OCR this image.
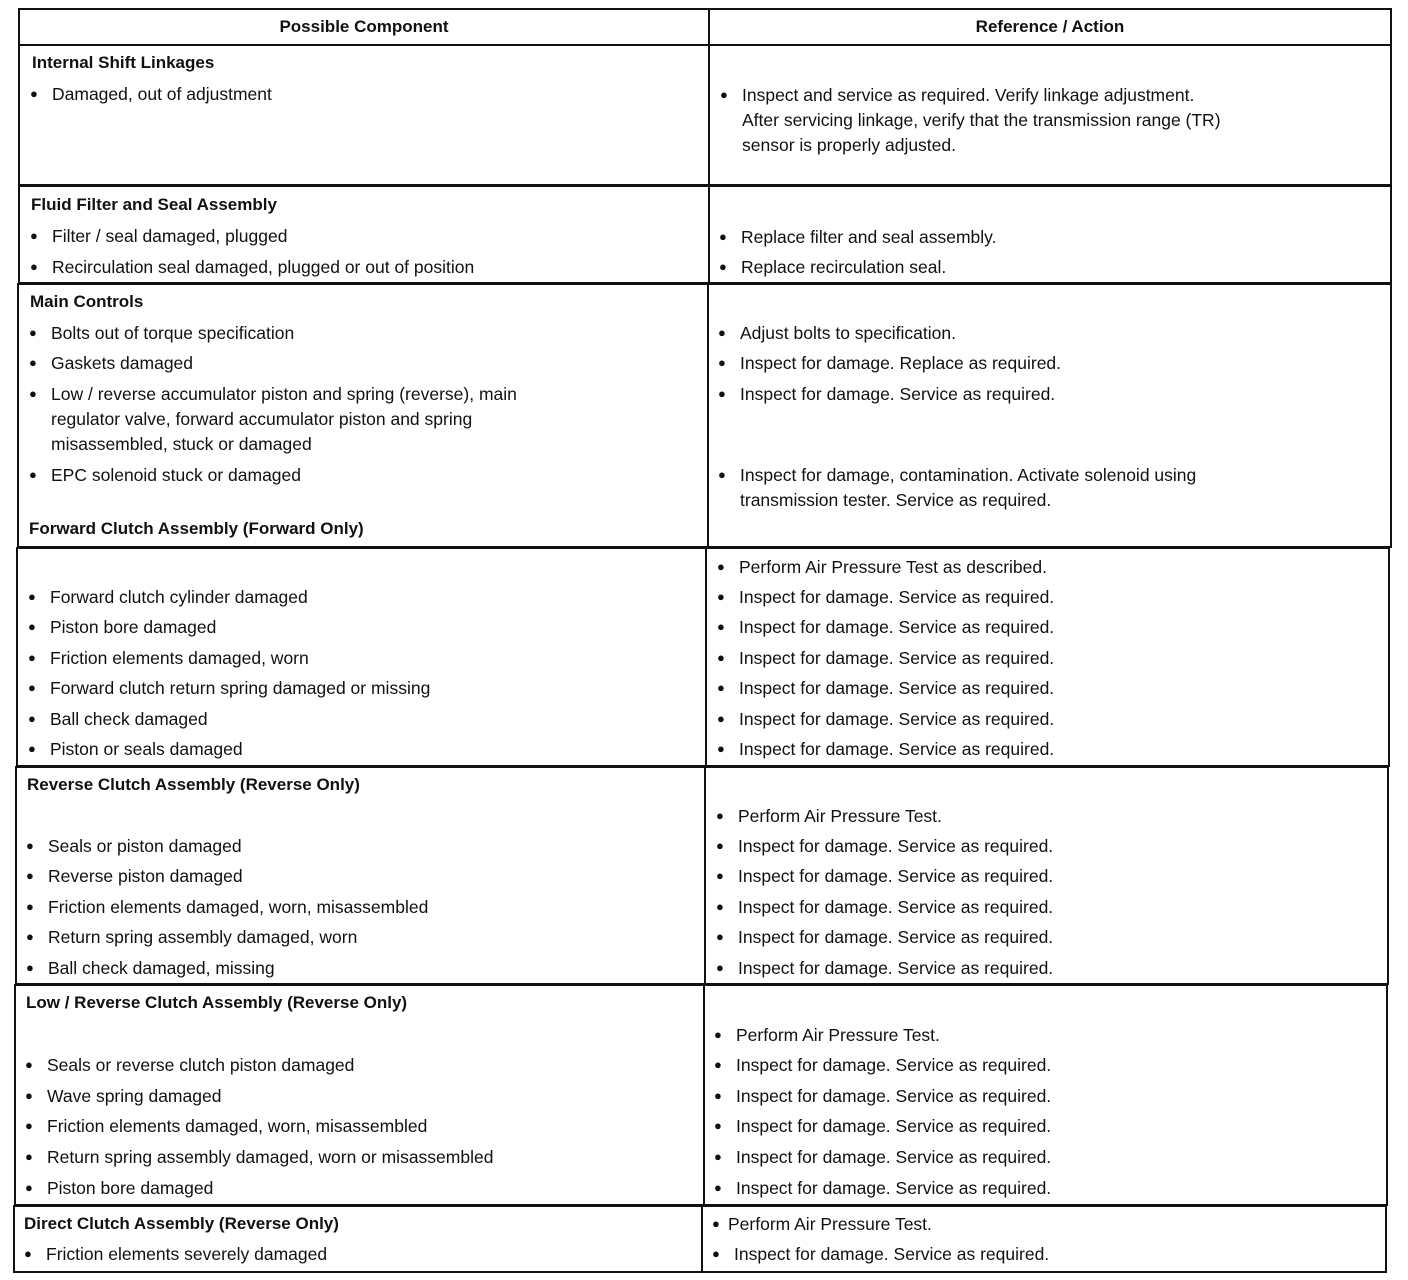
Possible Component	Reference / Action
Internal Shift Linkages
● Damaged, out of adjustment	● Inspect and service as required. Verify linkage adjustment.
After servicing linkage, verify that the transmission range (TR)
sensor is properly adjusted.
Fluid Filter and Seal Assembly
● Filter / seal damaged, plugged
● Recirculation seal damaged, plugged or out of position
● Replace filter and seal assembly.
● Replace recirculation seal.
Main Controls
● Bolts out of torque specification
● Gaskets damaged
● Low / reverse accumulator piston and spring (reverse), main
regulator valve, forward accumulator piston and spring
misassembled, stuck or damaged
● EPC solenoid stuck or damaged
● Adjust bolts to specification.
● Inspect for damage. Replace as required.
● Inspect for damage. Service as required.
● Inspect for damage, contamination. Activate solenoid using
transmission tester. Service as required.
Forward Clutch Assembly (Forward Only)
● Forward clutch cylinder damaged
● Piston bore damaged
● Friction elements damaged, worn
● Forward clutch return spring damaged or missing
● Ball check damaged
● Piston or seals damaged
● Perform Air Pressure Test as described.
● Inspect for damage. Service as required.
● Inspect for damage. Service as required.
● Inspect for damage. Service as required.
● Inspect for damage. Service as required.
● Inspect for damage. Service as required.
● Inspect for damage. Service as required.
Reverse Clutch Assembly (Reverse Only)
● Seals or piston damaged
● Reverse piston damaged
● Friction elements damaged, worn, misassembled
● Return spring assembly damaged, worn
● Ball check damaged, missing
● Perform Air Pressure Test.
● Inspect for damage. Service as required.
● Inspect for damage. Service as required.
● Inspect for damage. Service as required.
● Inspect for damage. Service as required.
● Inspect for damage. Service as required.
Low / Reverse Clutch Assembly (Reverse Only)
● Seals or reverse clutch piston damaged
● Wave spring damaged
● Friction elements damaged, worn, misassembled
● Return spring assembly damaged, worn or misassembled
● Piston bore damaged
● Perform Air Pressure Test.
● Inspect for damage. Service as required.
● Inspect for damage. Service as required.
● Inspect for damage. Service as required.
● Inspect for damage. Service as required.
● Inspect for damage. Service as required.
Direct Clutch Assembly (Reverse Only)
● Friction elements severely damaged
● Perform Air Pressure Test.
● Inspect for damage. Service as required.
